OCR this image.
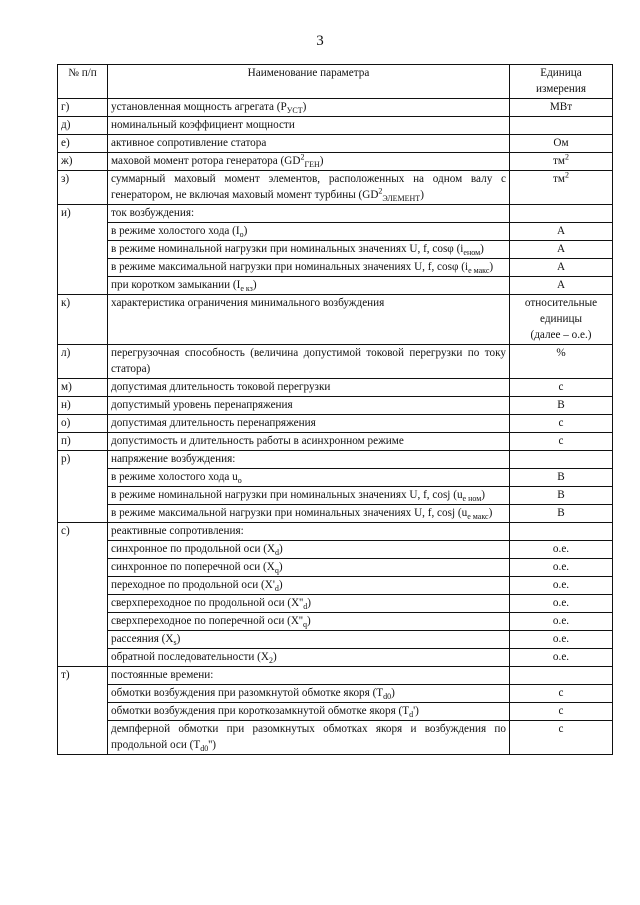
3
№ п/п	Наименование параметра	Единица
измерения
г)	установленная мощность агрегата $(P_{УСТ})$	МВт
д)	номинальный коэффициент мощности	
е)	активное сопротивление статора	Ом
ж)	маховой момент ротора генератора $(GD^2_{ГЕН})$	$тм^2$
з)	суммарный маховый момент элементов, расположенных на одном валу с генератором, не включая маховый момент турбины $(GD^2_{ЭЛЕМЕНТ})$	$тм^2$
и)	ток возбуждения:	
	в режиме холостого хода $(I_o)$	А
	в режиме номинальной нагрузки при номинальных значениях U, f, cosφ $(i_{еном})$	А
	в режиме максимальной нагрузки при номинальных значениях U, f, cosφ $(i_{е макс})$	А
	при коротком замыкании $(I_{е кз})$	А
к)	характеристика ограничения минимального возбуждения	относительные
единицы
(далее – о.е.)
л)	перегрузочная способность (величина допустимой токовой перегрузки по току статора)	%
м)	допустимая длительность токовой перегрузки	с
н)	допустимый уровень перенапряжения	В
о)	допустимая длительность перенапряжения	с
п)	допустимость и длительность работы в асинхронном режиме	с
р)	напряжение возбуждения:	
	в режиме холостого хода $u_o$	В
	в режиме номинальной нагрузки при номинальных значениях U, f, cosj $(u_{е ном})$	В
	в режиме максимальной нагрузки при номинальных значениях U, f, cosj $(u_{е макс})$	В
с)	реактивные сопротивления:	
	синхронное по продольной оси $(X_d)$	о.е.
	синхронное по поперечной оси $(X_q)$	о.е.
	переходное по продольной оси $(X'_d)$	о.е.
	сверхпереходное по продольной оси $(X''_d)$	о.е.
	сверхпереходное по поперечной оси $(X''_q)$	о.е.
	рассеяния $(X_s)$	о.е.
	обратной последовательности $(X_2)$	о.е.
т)	постоянные времени:	
	обмотки возбуждения при разомкнутой обмотке якоря $(T_{d0})$	с
	обмотки возбуждения при короткозамкнутой обмотке якоря $(T_d')$	с
	демпферной обмотки при разомкнутых обмотках якоря и возбуждения по продольной оси $(T_{d0}'')$	с
